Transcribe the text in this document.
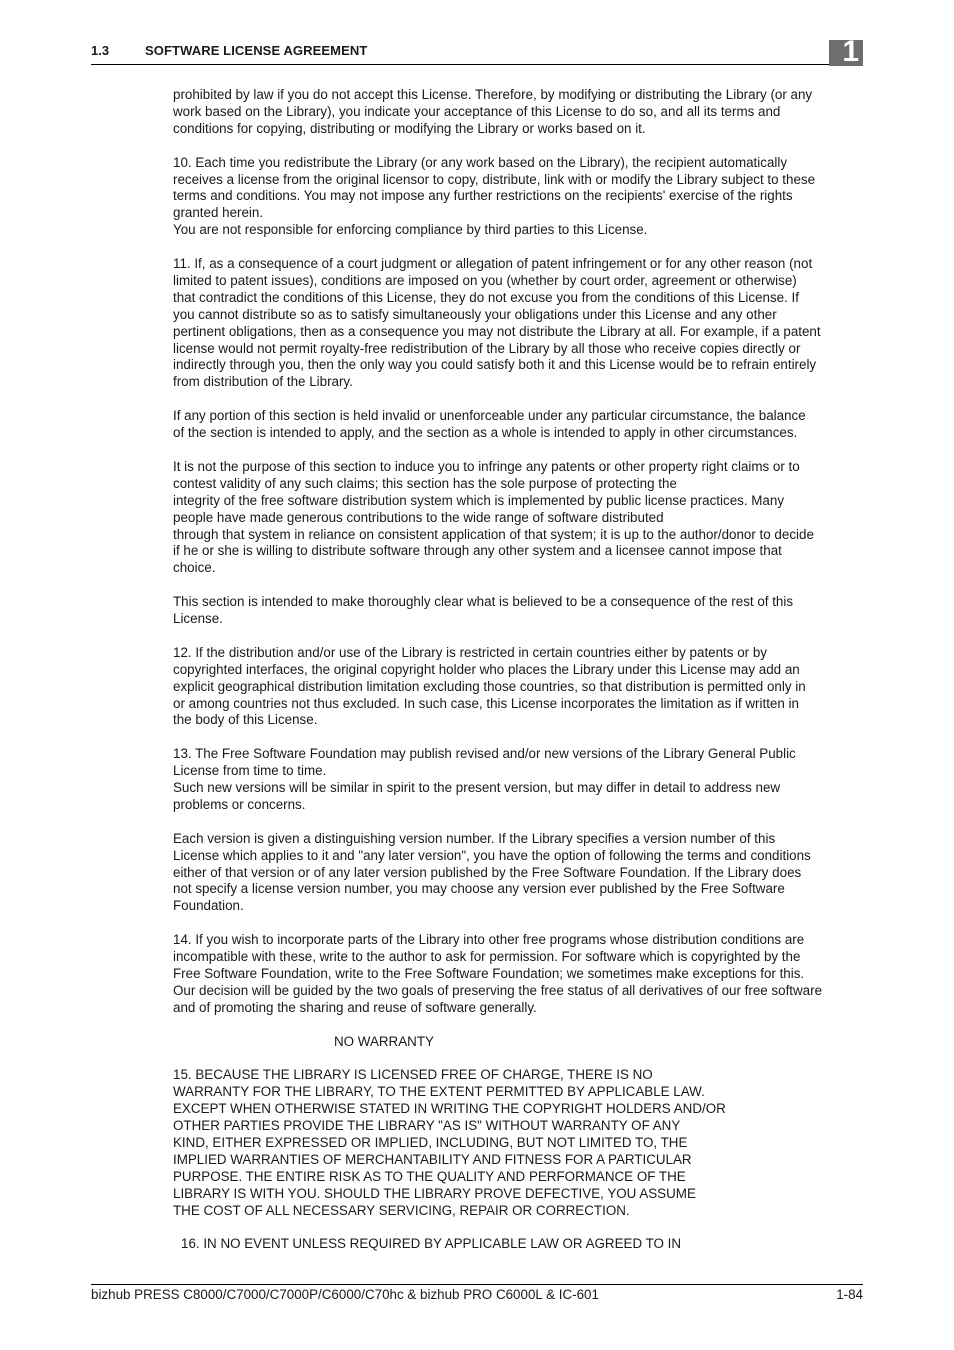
1.3	SOFTWARE LICENSE AGREEMENT	1

prohibited by law if you do not accept this License. Therefore, by modifying or distributing the Library (or any
work based on the Library), you indicate your acceptance of this License to do so, and all its terms and
conditions for copying, distributing or modifying the Library or works based on it.

10. Each time you redistribute the Library (or any work based on the Library), the recipient automatically
receives a license from the original licensor to copy, distribute, link with or modify the Library subject to these
terms and conditions. You may not impose any further restrictions on the recipients' exercise of the rights
granted herein.
You are not responsible for enforcing compliance by third parties to this License.

11. If, as a consequence of a court judgment or allegation of patent infringement or for any other reason (not
limited to patent issues), conditions are imposed on you (whether by court order, agreement or otherwise)
that contradict the conditions of this License, they do not excuse you from the conditions of this License. If
you cannot distribute so as to satisfy simultaneously your obligations under this License and any other
pertinent obligations, then as a consequence you may not distribute the Library at all. For example, if a patent
license would not permit royalty-free redistribution of the Library by all those who receive copies directly or
indirectly through you, then the only way you could satisfy both it and this License would be to refrain entirely
from distribution of the Library.

If any portion of this section is held invalid or unenforceable under any particular circumstance, the balance
of the section is intended to apply, and the section as a whole is intended to apply in other circumstances.

It is not the purpose of this section to induce you to infringe any patents or other property right claims or to
contest validity of any such claims; this section has the sole purpose of protecting the
integrity of the free software distribution system which is implemented by public license practices. Many
people have made generous contributions to the wide range of software distributed
through that system in reliance on consistent application of that system; it is up to the author/donor to decide
if he or she is willing to distribute software through any other system and a licensee cannot impose that
choice.

This section is intended to make thoroughly clear what is believed to be a consequence of the rest of this
License.

12. If the distribution and/or use of the Library is restricted in certain countries either by patents or by
copyrighted interfaces, the original copyright holder who places the Library under this License may add an
explicit geographical distribution limitation excluding those countries, so that distribution is permitted only in
or among countries not thus excluded. In such case, this License incorporates the limitation as if written in
the body of this License.

13. The Free Software Foundation may publish revised and/or new versions of the Library General Public
License from time to time.
Such new versions will be similar in spirit to the present version, but may differ in detail to address new
problems or concerns.

Each version is given a distinguishing version number. If the Library specifies a version number of this
License which applies to it and "any later version", you have the option of following the terms and conditions
either of that version or of any later version published by the Free Software Foundation. If the Library does
not specify a license version number, you may choose any version ever published by the Free Software
Foundation.

14. If you wish to incorporate parts of the Library into other free programs whose distribution conditions are
incompatible with these, write to the author to ask for permission. For software which is copyrighted by the
Free Software Foundation, write to the Free Software Foundation; we sometimes make exceptions for this.
Our decision will be guided by the two goals of preserving the free status of all derivatives of our free software
and of promoting the sharing and reuse of software generally.

NO WARRANTY

15. BECAUSE THE LIBRARY IS LICENSED FREE OF CHARGE, THERE IS NO
WARRANTY FOR THE LIBRARY, TO THE EXTENT PERMITTED BY APPLICABLE LAW.
EXCEPT WHEN OTHERWISE STATED IN WRITING THE COPYRIGHT HOLDERS AND/OR
OTHER PARTIES PROVIDE THE LIBRARY "AS IS" WITHOUT WARRANTY OF ANY
KIND, EITHER EXPRESSED OR IMPLIED, INCLUDING, BUT NOT LIMITED TO, THE
IMPLIED WARRANTIES OF MERCHANTABILITY AND FITNESS FOR A PARTICULAR
PURPOSE. THE ENTIRE RISK AS TO THE QUALITY AND PERFORMANCE OF THE
LIBRARY IS WITH YOU. SHOULD THE LIBRARY PROVE DEFECTIVE, YOU ASSUME
THE COST OF ALL NECESSARY SERVICING, REPAIR OR CORRECTION.

16. IN NO EVENT UNLESS REQUIRED BY APPLICABLE LAW OR AGREED TO IN

bizhub PRESS C8000/C7000/C7000P/C6000/C70hc & bizhub PRO C6000L & IC-601	1-84
